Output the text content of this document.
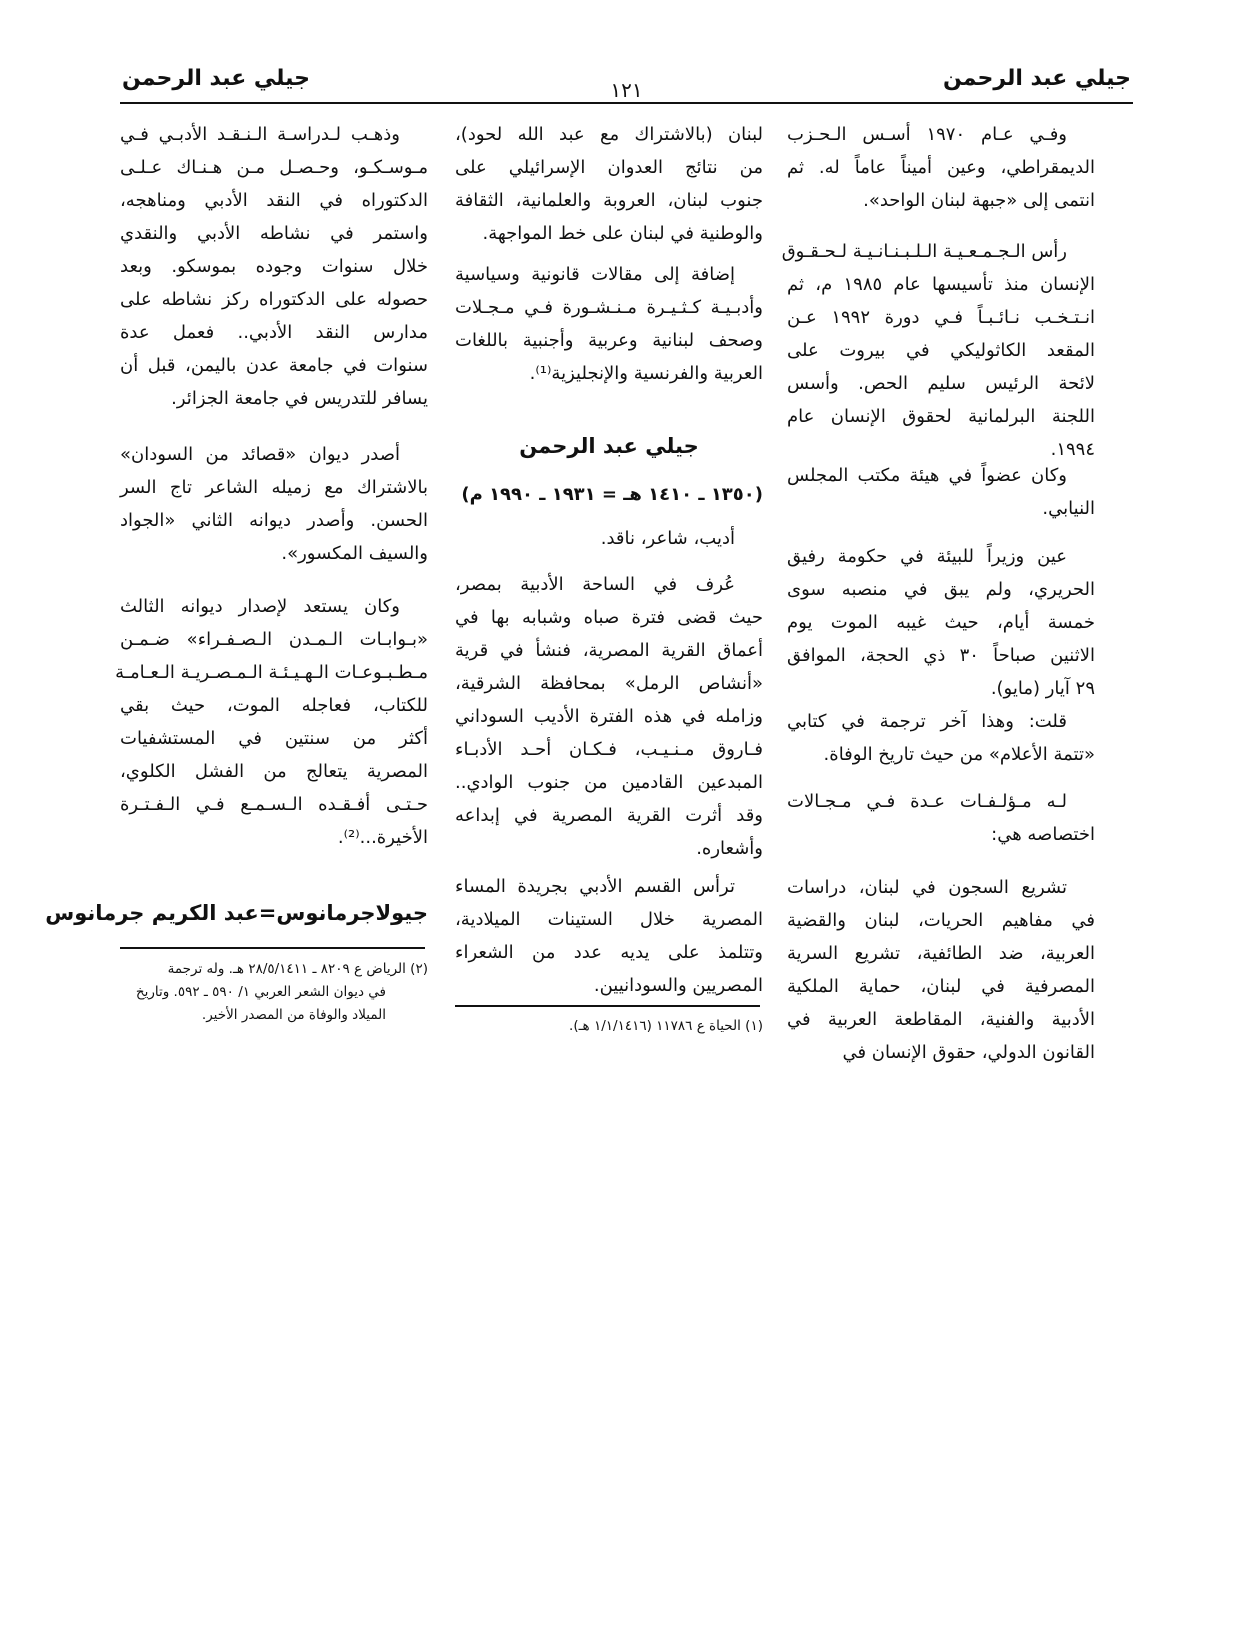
جيلي عبد الرحمن
١٢١
جيلي عبد الرحمن
وفـي عـام ١٩٧٠ أسـس الـحـزب
الديمقراطي، وعين أميناً عاماً له. ثم
انتمى إلى «جبهة لبنان الواحد».
رأس الـجـمـعـيـة الـلـبـنـانـيـة لـحـقـوق
الإنسان منذ تأسيسها عام ١٩٨٥ م، ثم
انـتـخـب نـائـبـاً فـي دورة ١٩٩٢ عـن
المقعد الكاثوليكي في بيروت على
لائحة الرئيس سليم الحص. وأسس
اللجنة البرلمانية لحقوق الإنسان عام
١٩٩٤.
وكان عضواً في هيئة مكتب المجلس
النيابي.
عين وزيراً للبيئة في حكومة رفيق
الحريري، ولم يبق في منصبه سوى
خمسة أيام، حيث غيبه الموت يوم
الاثنين صباحاً ٣٠ ذي الحجة، الموافق
٢٩ آيار (مايو).
قلت: وهذا آخر ترجمة في كتابي
«تتمة الأعلام» من حيث تاريخ الوفاة.
لـه مـؤلـفـات عـدة فـي مـجـالات
اختصاصه هي:
تشريع السجون في لبنان، دراسات
في مفاهيم الحريات، لبنان والقضية
العربية، ضد الطائفية، تشريع السرية
المصرفية في لبنان، حماية الملكية
الأدبية والفنية، المقاطعة العربية في
القانون الدولي، حقوق الإنسان في
لبنان (بالاشتراك مع عبد الله لحود)،
من نتائج العدوان الإسرائيلي على
جنوب لبنان، العروبة والعلمانية، الثقافة
والوطنية في لبنان على خط المواجهة.
إضافة إلى مقالات قانونية وسياسية
وأدبـيـة كـثـيـرة مـنـشـورة فـي مـجـلات
وصحف لبنانية وعربية وأجنبية باللغات
العربية والفرنسية والإنجليزية⁽¹⁾.
جيلي عبد الرحمن
(١٣٥٠ ـ ١٤١٠ هـ = ١٩٣١ ـ ١٩٩٠ م)
أديب، شاعر، ناقد.
عُرف في الساحة الأدبية بمصر،
حيث قضى فترة صباه وشبابه بها في
أعماق القرية المصرية، فنشأ في قرية
«أنشاص الرمل» بمحافظة الشرقية،
وزامله في هذه الفترة الأديب السوداني
فـاروق مـنـيـب، فـكـان أحـد الأدبـاء
المبدعين القادمين من جنوب الوادي..
وقد أثرت القرية المصرية في إبداعه
وأشعاره.
ترأس القسم الأدبي بجريدة المساء
المصرية خلال الستينات الميلادية،
وتتلمذ على يديه عدد من الشعراء
المصريين والسودانيين.
وذهـب لـدراسـة الـنـقـد الأدبـي فـي
مـوسـكـو، وحـصـل مـن هـنـاك عـلـى
الدكتوراه في النقد الأدبي ومناهجه،
واستمر في نشاطه الأدبي والنقدي
خلال سنوات وجوده بموسكو. وبعد
حصوله على الدكتوراه ركز نشاطه على
مدارس النقد الأدبي.. فعمل عدة
سنوات في جامعة عدن باليمن، قبل أن
يسافر للتدريس في جامعة الجزائر.
أصدر ديوان «قصائد من السودان»
بالاشتراك مع زميله الشاعر تاج السر
الحسن. وأصدر ديوانه الثاني «الجواد
والسيف المكسور».
وكان يستعد لإصدار ديوانه الثالث
«بـوابـات الـمـدن الـصـفـراء» ضـمـن
مـطـبـوعـات الـهـيـئـة الـمـصـريـة الـعـامـة
للكتاب، فعاجله الموت، حيث بقي
أكثر من سنتين في المستشفيات
المصرية يتعالج من الفشل الكلوي،
حـتـى أفـقـده الـسـمـع فـي الـفـتـرة
الأخيرة...⁽²⁾.
جيولاجرمانوس=عبد الكريم جرمانوس
(١) الحياة ع ١١٧٨٦ (١/١/١٤١٦ هـ).
(٢) الرياض ع ٨٢٠٩ ـ ٢٨/٥/١٤١١ هـ. وله ترجمة
في ديوان الشعر العربي ١/ ٥٩٠ ـ ٥٩٢. وتاريخ
الميلاد والوفاة من المصدر الأخير.
